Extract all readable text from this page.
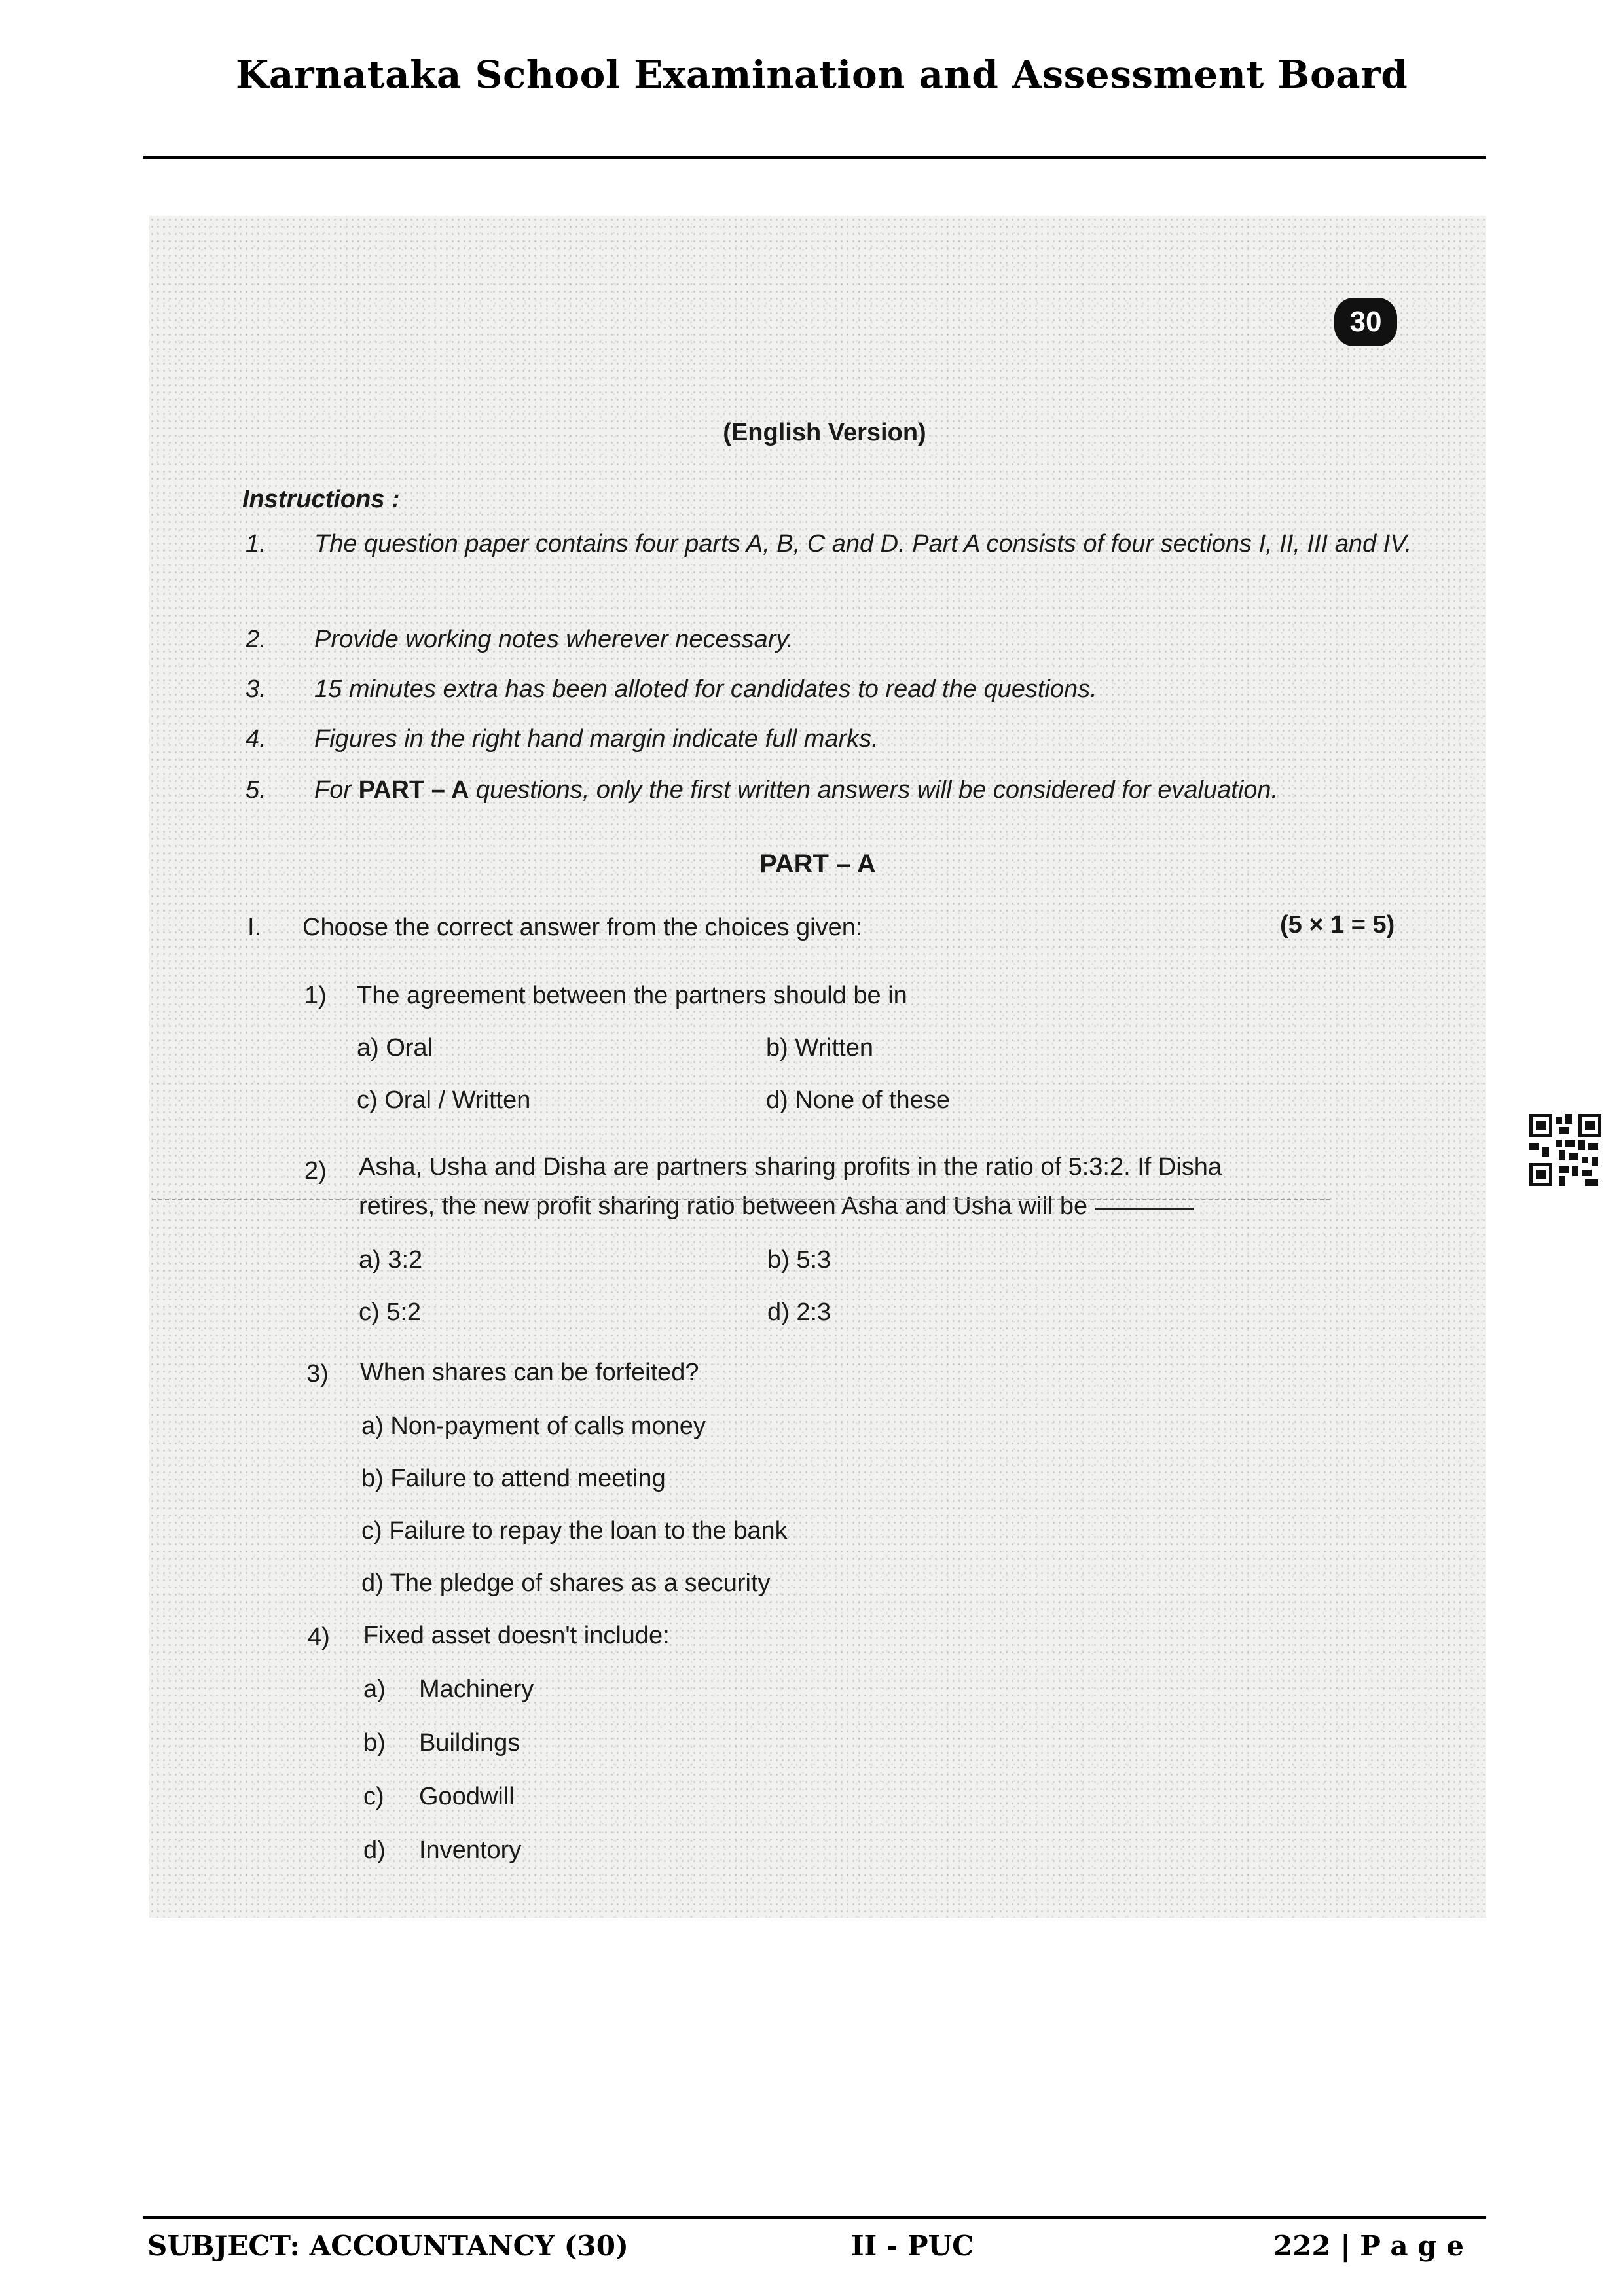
Karnataka School Examination and Assessment Board
30
(English Version)
Instructions :
1. The question paper contains four parts A, B, C and D. Part A consists of four sections I, II, III and IV.
2. Provide working notes wherever necessary.
3. 15 minutes extra has been alloted for candidates to read the questions.
4. Figures in the right hand margin indicate full marks.
5. For PART – A questions, only the first written answers will be considered for evaluation.
PART – A
I. Choose the correct answer from the choices given:	(5 × 1 = 5)
1) The agreement between the partners should be in
a) Oral	b) Written
c) Oral / Written	d) None of these
2) Asha, Usha and Disha are partners sharing profits in the ratio of 5:3:2. If Disha
retires, the new profit sharing ratio between Asha and Usha will be
a) 3:2	b) 5:3
c) 5:2	d) 2:3
3) When shares can be forfeited?
a) Non-payment of calls money
b) Failure to attend meeting
c) Failure to repay the loan to the bank
d) The pledge of shares as a security
4) Fixed asset doesn't include:
a) Machinery
b) Buildings
c) Goodwill
d) Inventory
SUBJECT: ACCOUNTANCY (30)	II - PUC	222 | P a g e
